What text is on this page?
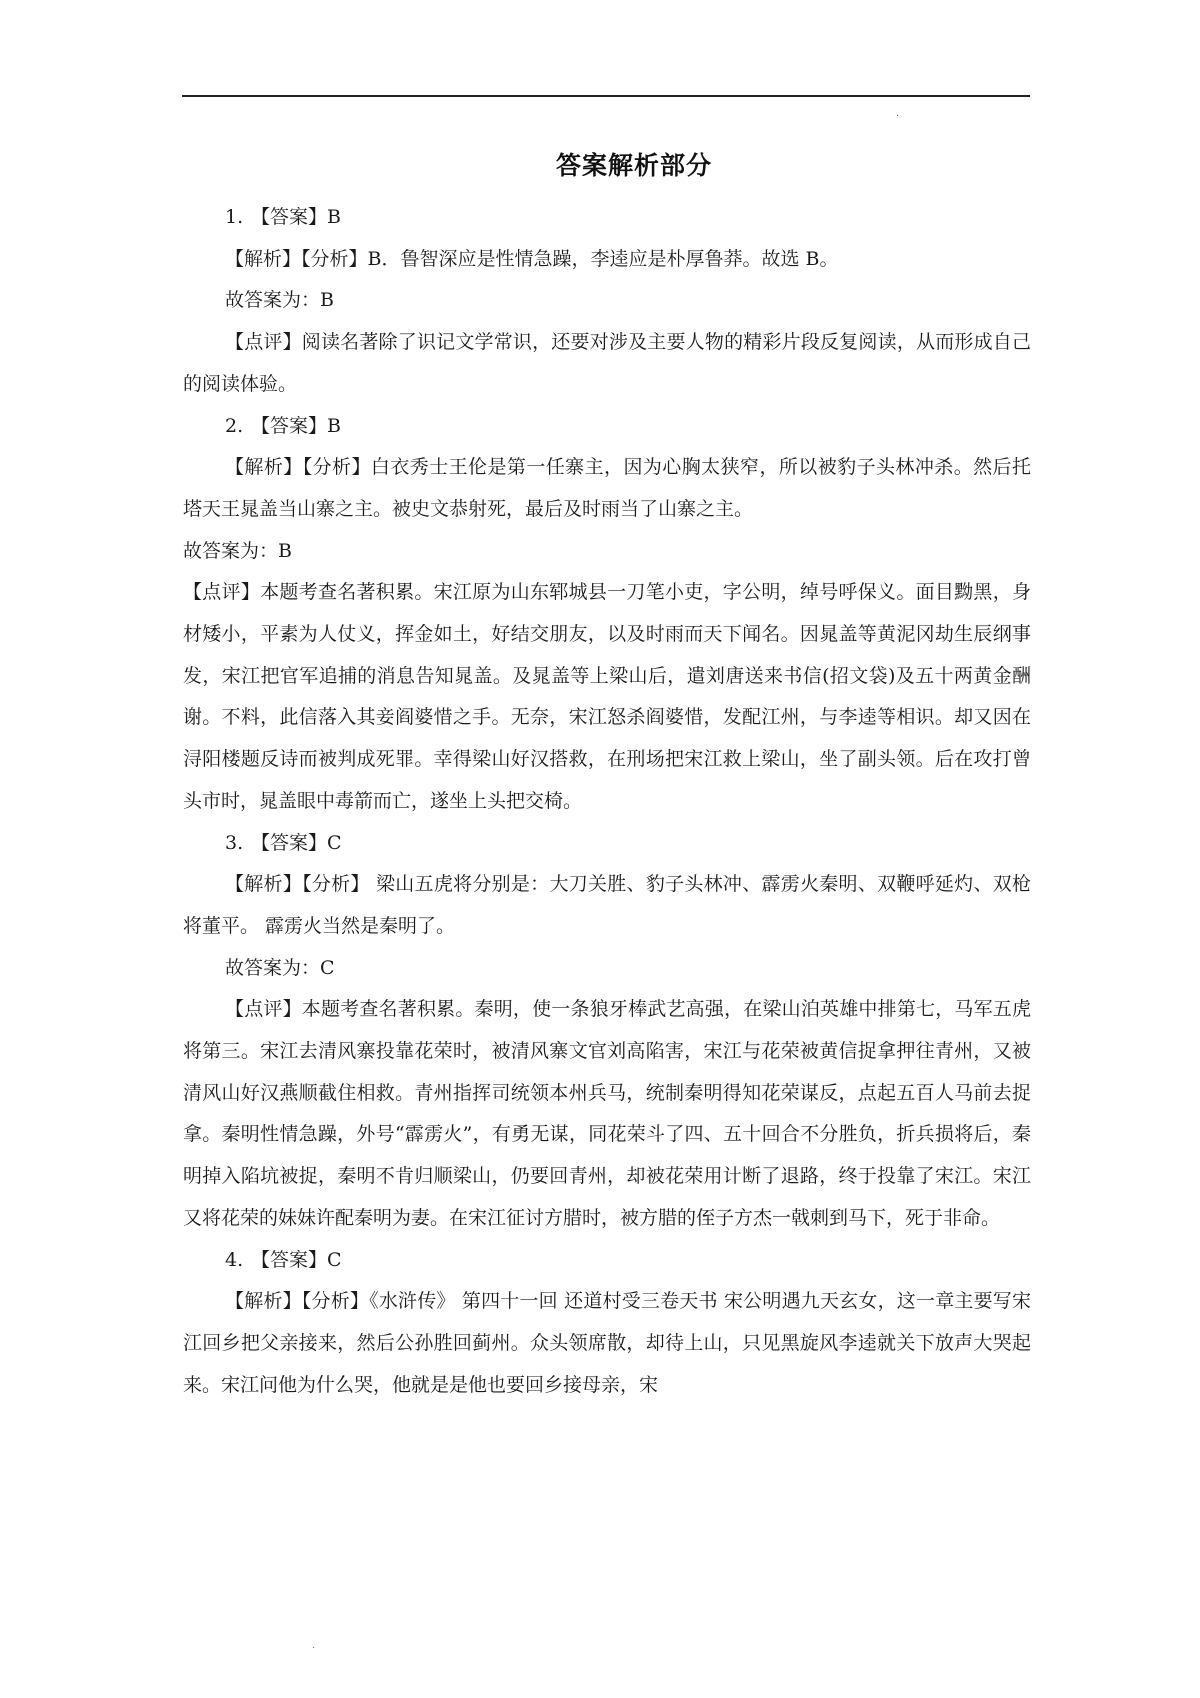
.
答案解析部分

1. 【答案】B

【解析】【分析】B．鲁智深应是性情急躁，李逵应是朴厚鲁莽。故选 B。

故答案为：B

【点评】阅读名著除了识记文学常识，还要对涉及主要人物的精彩片段反复阅读，从而形成自己的阅读体验。

2. 【答案】B

【解析】【分析】白衣秀士王伦是第一任寨主，因为心胸太狭窄，所以被豹子头林冲杀。然后托塔天王晁盖当山寨之主。被史文恭射死，最后及时雨当了山寨之主。

故答案为：B

【点评】本题考查名著积累。宋江原为山东郓城县一刀笔小吏，字公明，绰号呼保义。面目黝黑，身材矮小，平素为人仗义，挥金如土，好结交朋友，以及时雨而天下闻名。因晁盖等黄泥冈劫生辰纲事发，宋江把官军追捕的消息告知晁盖。及晁盖等上梁山后，遣刘唐送来书信(招文袋)及五十两黄金酬谢。不料，此信落入其妾阎婆惜之手。无奈，宋江怒杀阎婆惜，发配江州，与李逵等相识。却又因在浔阳楼题反诗而被判成死罪。幸得梁山好汉搭救，在刑场把宋江救上梁山，坐了副头领。后在攻打曾头市时，晁盖眼中毒箭而亡，遂坐上头把交椅。

3. 【答案】C

【解析】【分析】 梁山五虎将分别是：大刀关胜、豹子头林冲、霹雳火秦明、双鞭呼延灼、双枪将董平。 霹雳火当然是秦明了。

故答案为：C

【点评】本题考查名著积累。秦明，使一条狼牙棒武艺高强，在梁山泊英雄中排第七，马军五虎将第三。宋江去清风寨投靠花荣时，被清风寨文官刘高陷害，宋江与花荣被黄信捉拿押往青州，又被清风山好汉燕顺截住相救。青州指挥司统领本州兵马，统制秦明得知花荣谋反，点起五百人马前去捉拿。秦明性情急躁，外号“霹雳火”，有勇无谋，同花荣斗了四、五十回合不分胜负，折兵损将后，秦明掉入陷坑被捉，秦明不肯归顺梁山，仍要回青州，却被花荣用计断了退路，终于投靠了宋江。宋江又将花荣的妹妹许配秦明为妻。在宋江征讨方腊时，被方腊的侄子方杰一戟刺到马下，死于非命。

4. 【答案】C

【解析】【分析】《水浒传》 第四十一回 还道村受三卷天书 宋公明遇九天玄女，这一章主要写宋江回乡把父亲接来，然后公孙胜回蓟州。众头领席散，却待上山，只见黑旋风李逵就关下放声大哭起来。宋江问他为什么哭，他就是是他也要回乡接母亲，宋

.
